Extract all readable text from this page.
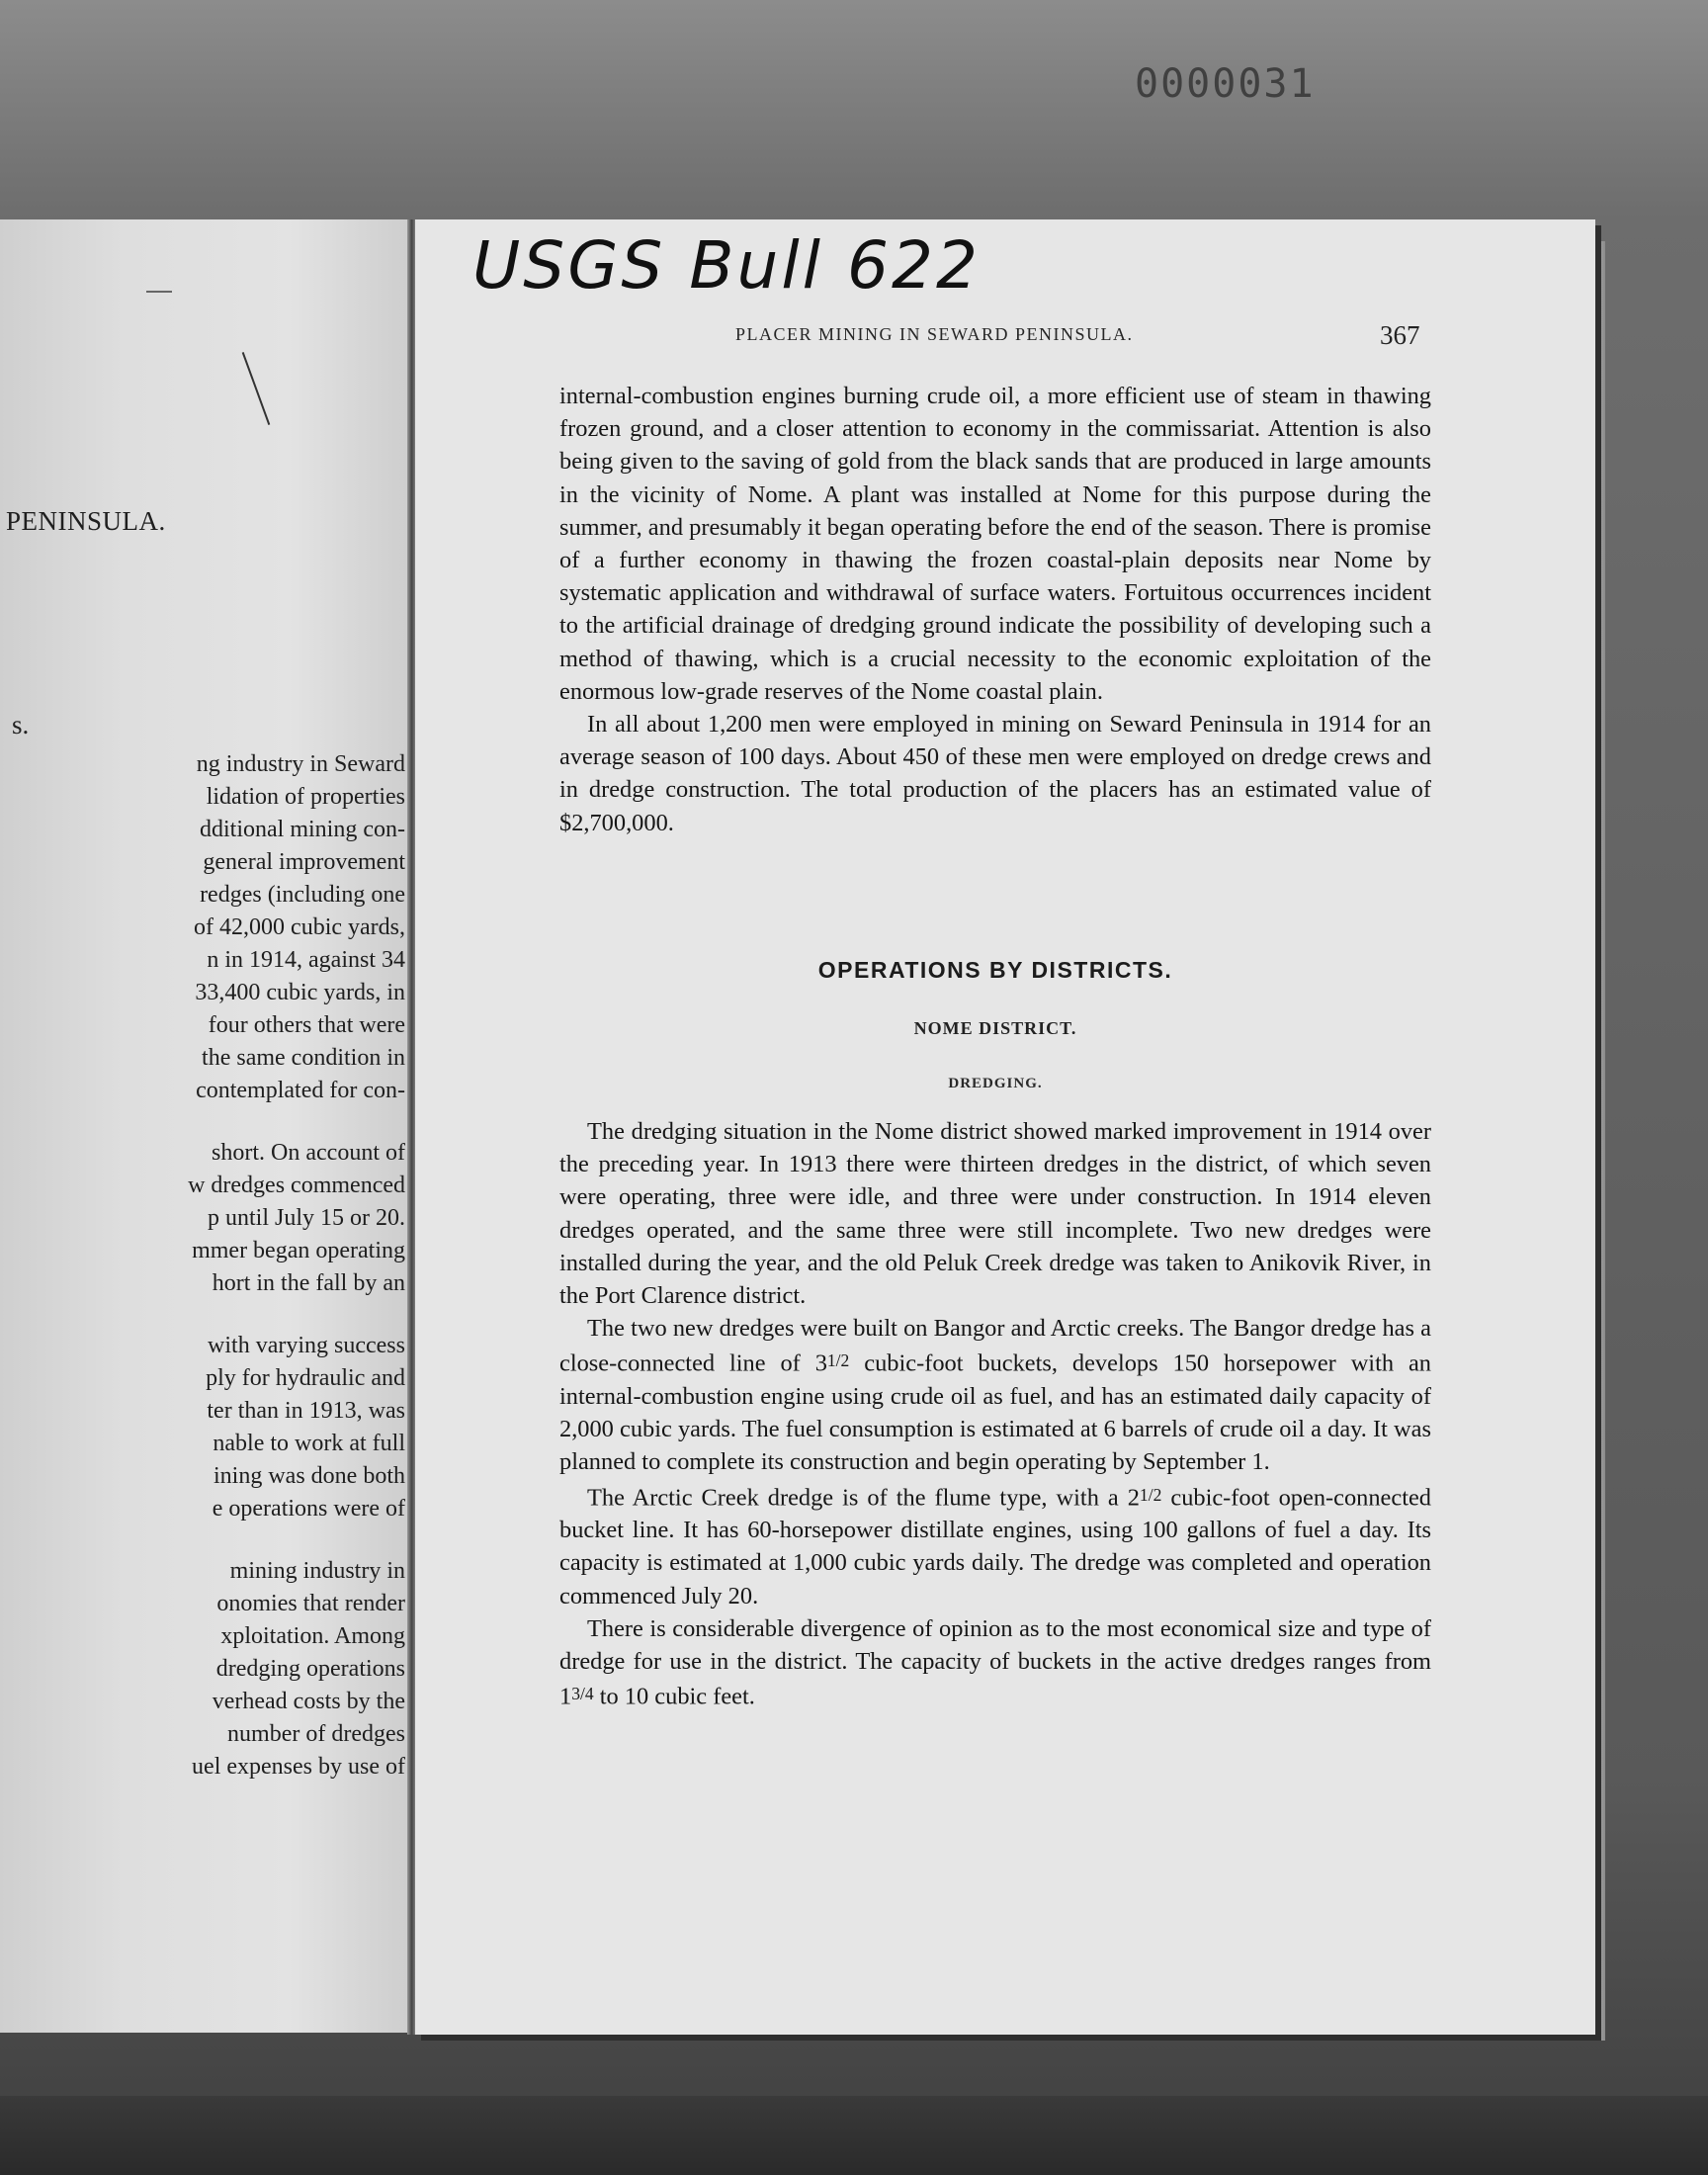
0000031
PENINSULA.
s.
ng industry in Seward
lidation of properties
dditional mining con-
general improvement
redges (including one
of 42,000 cubic yards,
n in 1914, against 34
33,400 cubic yards, in
four others that were
the same condition in
contemplated for con-
short. On account of
w dredges commenced
p until July 15 or 20.
mmer began operating
hort in the fall by an
with varying success
ply for hydraulic and
ter than in 1913, was
nable to work at full
ining was done both
e operations were of
mining industry in
onomies that render
xploitation. Among
dredging operations
verhead costs by the
number of dredges
uel expenses by use of
USGS Bull 622
PLACER MINING IN SEWARD PENINSULA.	367

internal-combustion engines burning crude oil, a more efficient use of steam in thawing frozen ground, and a closer attention to economy in the commissariat. Attention is also being given to the saving of gold from the black sands that are produced in large amounts in the vicinity of Nome. A plant was installed at Nome for this purpose during the summer, and presumably it began operating before the end of the season. There is promise of a further economy in thawing the frozen coastal-plain deposits near Nome by systematic application and withdrawal of surface waters. Fortuitous occurrences incident to the artificial drainage of dredging ground indicate the possibility of developing such a method of thawing, which is a crucial necessity to the economic exploitation of the enormous low-grade reserves of the Nome coastal plain.

In all about 1,200 men were employed in mining on Seward Peninsula in 1914 for an average season of 100 days. About 450 of these men were employed on dredge crews and in dredge construction. The total production of the placers has an estimated value of $2,700,000.

OPERATIONS BY DISTRICTS.
NOME DISTRICT.
DREDGING.

The dredging situation in the Nome district showed marked improvement in 1914 over the preceding year. In 1913 there were thirteen dredges in the district, of which seven were operating, three were idle, and three were under construction. In 1914 eleven dredges operated, and the same three were still incomplete. Two new dredges were installed during the year, and the old Peluk Creek dredge was taken to Anikovik River, in the Port Clarence district.

The two new dredges were built on Bangor and Arctic creeks. The Bangor dredge has a close-connected line of 31/2 cubic-foot buckets, develops 150 horsepower with an internal-combustion engine using crude oil as fuel, and has an estimated daily capacity of 2,000 cubic yards. The fuel consumption is estimated at 6 barrels of crude oil a day. It was planned to complete its construction and begin operating by September 1.

The Arctic Creek dredge is of the flume type, with a 21/2 cubic-foot open-connected bucket line. It has 60-horsepower distillate engines, using 100 gallons of fuel a day. Its capacity is estimated at 1,000 cubic yards daily. The dredge was completed and operation commenced July 20.

There is considerable divergence of opinion as to the most economical size and type of dredge for use in the district. The capacity of buckets in the active dredges ranges from 13/4 to 10 cubic feet.
